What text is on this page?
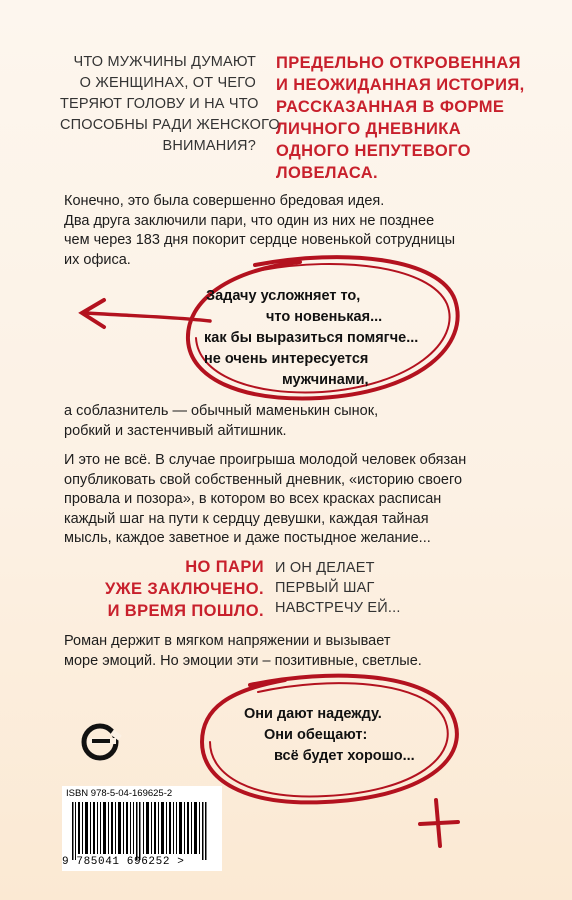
ЧТО МУЖЧИНЫ ДУМАЮТ
О ЖЕНЩИНАХ, ОТ ЧЕГО
ТЕРЯЮТ ГОЛОВУ И НА ЧТО
СПОСОБНЫ РАДИ ЖЕНСКОГО
ВНИМАНИЯ?
ПРЕДЕЛЬНО ОТКРОВЕННАЯ
И НЕОЖИДАННАЯ ИСТОРИЯ,
РАССКАЗАННАЯ В ФОРМЕ
ЛИЧНОГО ДНЕВНИКА
ОДНОГО НЕПУТЕВОГО
ЛОВЕЛАСА.
Конечно, это была совершенно бредовая идея.
Два друга заключили пари, что один из них не позднее
чем через 183 дня покорит сердце новенькой сотрудницы
их офиса.
Задачу усложняет то,
что новенькая...
как бы выразиться помягче...
не очень интересуется
мужчинами,
а соблазнитель — обычный маменькин сынок,
робкий и застенчивый айтишник.
И это не всё. В случае проигрыша молодой человек обязан
опубликовать свой собственный дневник, «историю своего
провала и позора», в котором во всех красках расписан
каждый шаг на пути к сердцу девушки, каждая тайная
мысль, каждое заветное и даже постыдное желание...
НО ПАРИ
УЖЕ ЗАКЛЮЧЕНО.
И ВРЕМЯ ПОШЛО.
И ОН ДЕЛАЕТ
ПЕРВЫЙ ШАГ
НАВСТРЕЧУ ЕЙ...
Роман держит в мягком напряжении и вызывает
море эмоций. Но эмоции эти – позитивные, светлые.
Они дают надежду.
Они обещают:
всё будет хорошо...
ISBN 978-5-04-169625-2
9 785041 696252 >
